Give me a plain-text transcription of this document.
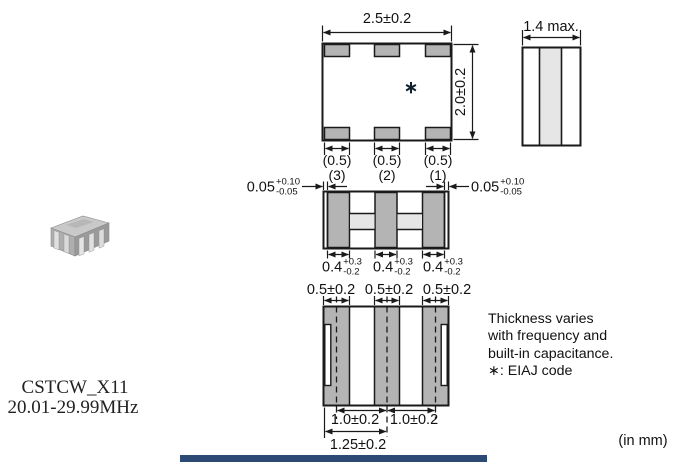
2.5±0.2	1.4 max.
2.0±0.2
∗
(0.5) (0.5) (0.5)
(3) (2) (1)
0.05 +0.10
-0.05	0.05 +0.10
-0.05
0.4 +0.3
-0.2 0.4 +0.3
-0.2 0.4 +0.3
-0.2
0.5±0.2 0.5±0.2 0.5±0.2
1.0±0.2 1.0±0.2
1.25±0.2
Thickness varies
with frequency and
built-in capacitance.
∗: EIAJ code
(in mm)
CSTCW_X11
20.01-29.99MHz
